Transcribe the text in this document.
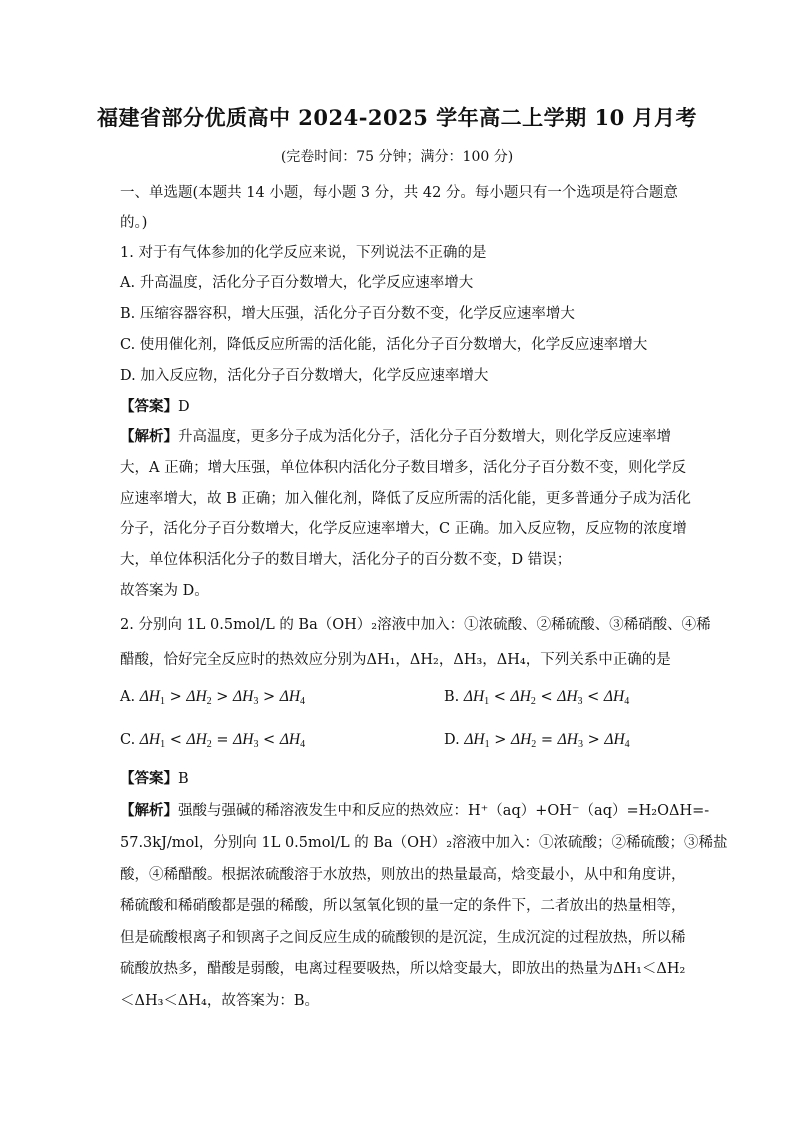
福建省部分优质高中 2024-2025 学年高二上学期 10 月月考
(完卷时间：75 分钟；满分：100 分)
一、单选题(本题共 14 小题，每小题 3 分，共 42 分。每小题只有一个选项是符合题意
的。)
1. 对于有气体参加的化学反应来说，下列说法不正确的是
A. 升高温度，活化分子百分数增大，化学反应速率增大
B. 压缩容器容积，增大压强，活化分子百分数不变，化学反应速率增大
C. 使用催化剂，降低反应所需的活化能，活化分子百分数增大，化学反应速率增大
D. 加入反应物，活化分子百分数增大，化学反应速率增大
【答案】D
【解析】升高温度，更多分子成为活化分子，活化分子百分数增大，则化学反应速率增
大，A 正确；增大压强，单位体积内活化分子数目增多，活化分子百分数不变，则化学反
应速率增大，故 B 正确；加入催化剂，降低了反应所需的活化能，更多普通分子成为活化
分子，活化分子百分数增大，化学反应速率增大，C 正确。加入反应物，反应物的浓度增
大，单位体积活化分子的数目增大，活化分子的百分数不变，D 错误；
故答案为 D。
2. 分别向 1L 0.5mol/L 的 Ba（OH）₂溶液中加入：①浓硫酸、②稀硫酸、③稀硝酸、④稀
醋酸，恰好完全反应时的热效应分别为ΔH₁，ΔH₂，ΔH₃，ΔH₄，下列关系中正确的是
A. ΔH1 > ΔH2 > ΔH3 > ΔH4	B. ΔH1 < ΔH2 < ΔH3 < ΔH4
C. ΔH1 < ΔH2 = ΔH3 < ΔH4	D. ΔH1 > ΔH2 = ΔH3 > ΔH4
【答案】B
【解析】强酸与强碱的稀溶液发生中和反应的热效应：H⁺（aq）+OH⁻（aq）=H₂OΔH=-
57.3kJ/mol，分别向 1L 0.5mol/L 的 Ba（OH）₂溶液中加入：①浓硫酸；②稀硫酸；③稀盐
酸，④稀醋酸。根据浓硫酸溶于水放热，则放出的热量最高，焓变最小，从中和角度讲，
稀硫酸和稀硝酸都是强的稀酸，所以氢氧化钡的量一定的条件下，二者放出的热量相等，
但是硫酸根离子和钡离子之间反应生成的硫酸钡的是沉淀，生成沉淀的过程放热，所以稀
硫酸放热多，醋酸是弱酸，电离过程要吸热，所以焓变最大，即放出的热量为ΔH₁＜ΔH₂
＜ΔH₃＜ΔH₄，故答案为：B。
